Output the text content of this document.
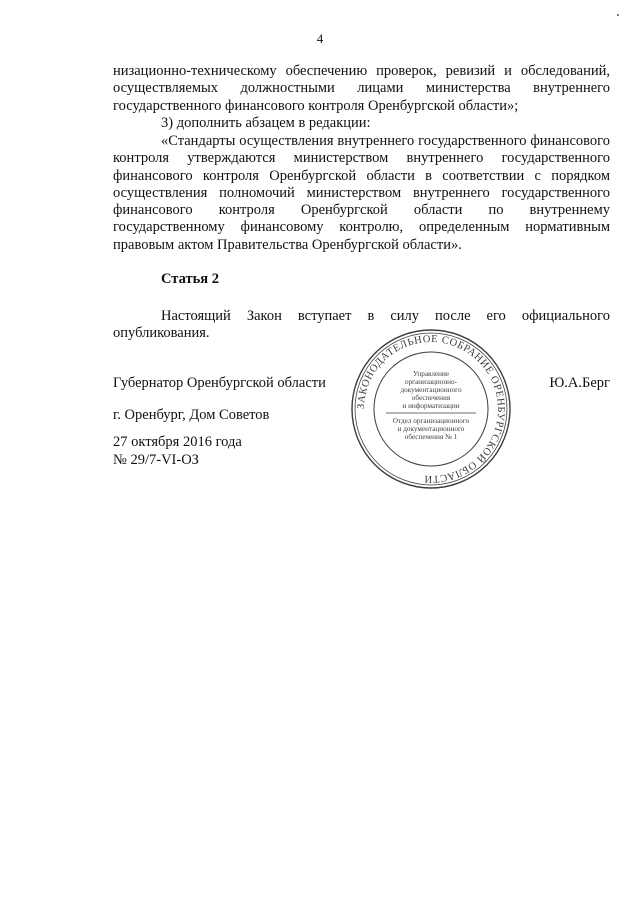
4
низационно-техническому обеспечению проверок, ревизий и обследований, осуществляемых должностными лицами министерства внутреннего государственного финансового контроля Оренбургской области»;
3) дополнить абзацем в редакции:
«Стандарты осуществления внутреннего государственного финансового контроля утверждаются министерством внутреннего государственного финансового контроля Оренбургской области в соответствии с порядком осуществления полномочий министерством внутреннего государственного финансового контроля Оренбургской области по внутреннему государственному финансовому контролю, определенным нормативным правовым актом Правительства Оренбургской области».
Статья 2
Настоящий Закон вступает в силу после его официального опубликования.
Губернатор Оренбургской области	Ю.А.Берг
г. Оренбург, Дом Советов
27 октября 2016 года
№ 29/7-VI-ОЗ
ЗАКОНОДАТЕЛЬНОЕ СОБРАНИЕ ОРЕНБУРГСКОЙ ОБЛАСТИ
Управление
организационно-
документационного
обеспечения
и информатизации
Отдел организационного
и документационного
обеспечения № 1
